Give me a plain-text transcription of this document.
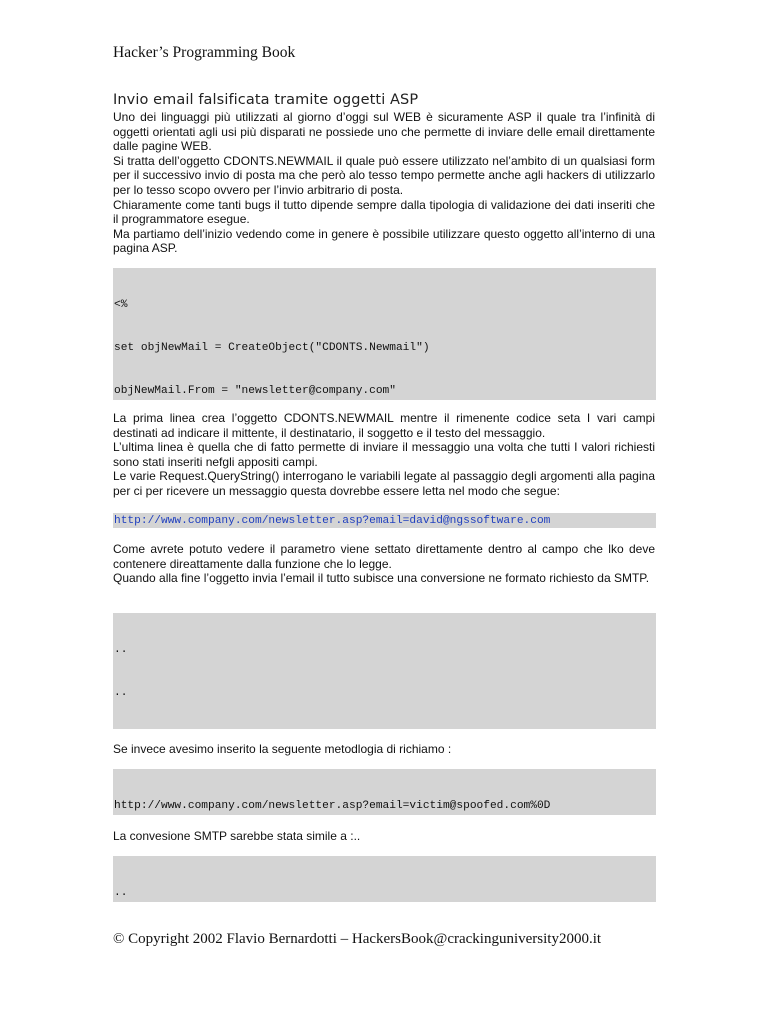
Hacker’s Programming Book
Invio email falsificata tramite oggetti ASP
Uno dei linguaggi più utilizzati al giorno d’oggi sul WEB è sicuramente ASP il quale tra l’infinità di oggetti orientati agli usi più disparati ne possiede uno che permette di inviare delle email direttamente dalle pagine WEB.
Si tratta dell’oggetto CDONTS.NEWMAIL il quale può essere utilizzato nel’ambito di un qualsiasi form per il successivo invio di posta ma che però alo tesso tempo permette anche agli hackers di utilizzarlo per lo tesso scopo ovvero per l’invio arbitrario di posta.
Chiaramente come tanti bugs il tutto dipende sempre dalla tipologia di validazione dei dati inseriti che il programmatore esegue.
Ma partiamo dell’inizio vedendo come in genere è possibile utilizzare questo oggetto all’interno di una pagina ASP.

<%

set objNewMail = CreateObject("CDONTS.Newmail")

objNewMail.From = "newsletter@company.com"

La prima linea crea l’oggetto CDONTS.NEWMAIL mentre il rimenente codice seta I vari campi destinati ad indicare il mittente, il destinatario, il soggetto e il testo del messaggio.
L’ultima linea è quella che di fatto permette di inviare il messaggio una volta che tutti I valori richiesti sono stati inseriti nefgli appositi campi.
Le varie Request.QueryString() interrogano le variabili legate al passaggio degli argomenti alla pagina per ci per ricevere un messaggio questa dovrebbe essere letta nel modo che segue:
http://www.company.com/newsletter.asp?email=david@ngssoftware.com
Come avrete potuto vedere il parametro viene settato direttamente dentro al campo che lko deve contenere direattamente dalla funzione che lo legge.
Quando alla fine l’oggetto invia l’email il tutto subisce una conversione ne formato richiesto da SMTP.

..

..

Se invece avesimo inserito la seguente metodlogia di richiamo :

http://www.company.com/newsletter.asp?email=victim@spoofed.com%0D

La convesione SMTP sarebbe stata simile a :..

..

© Copyright 2002 Flavio Bernardotti – HackersBook@crackinguniversity2000.it
